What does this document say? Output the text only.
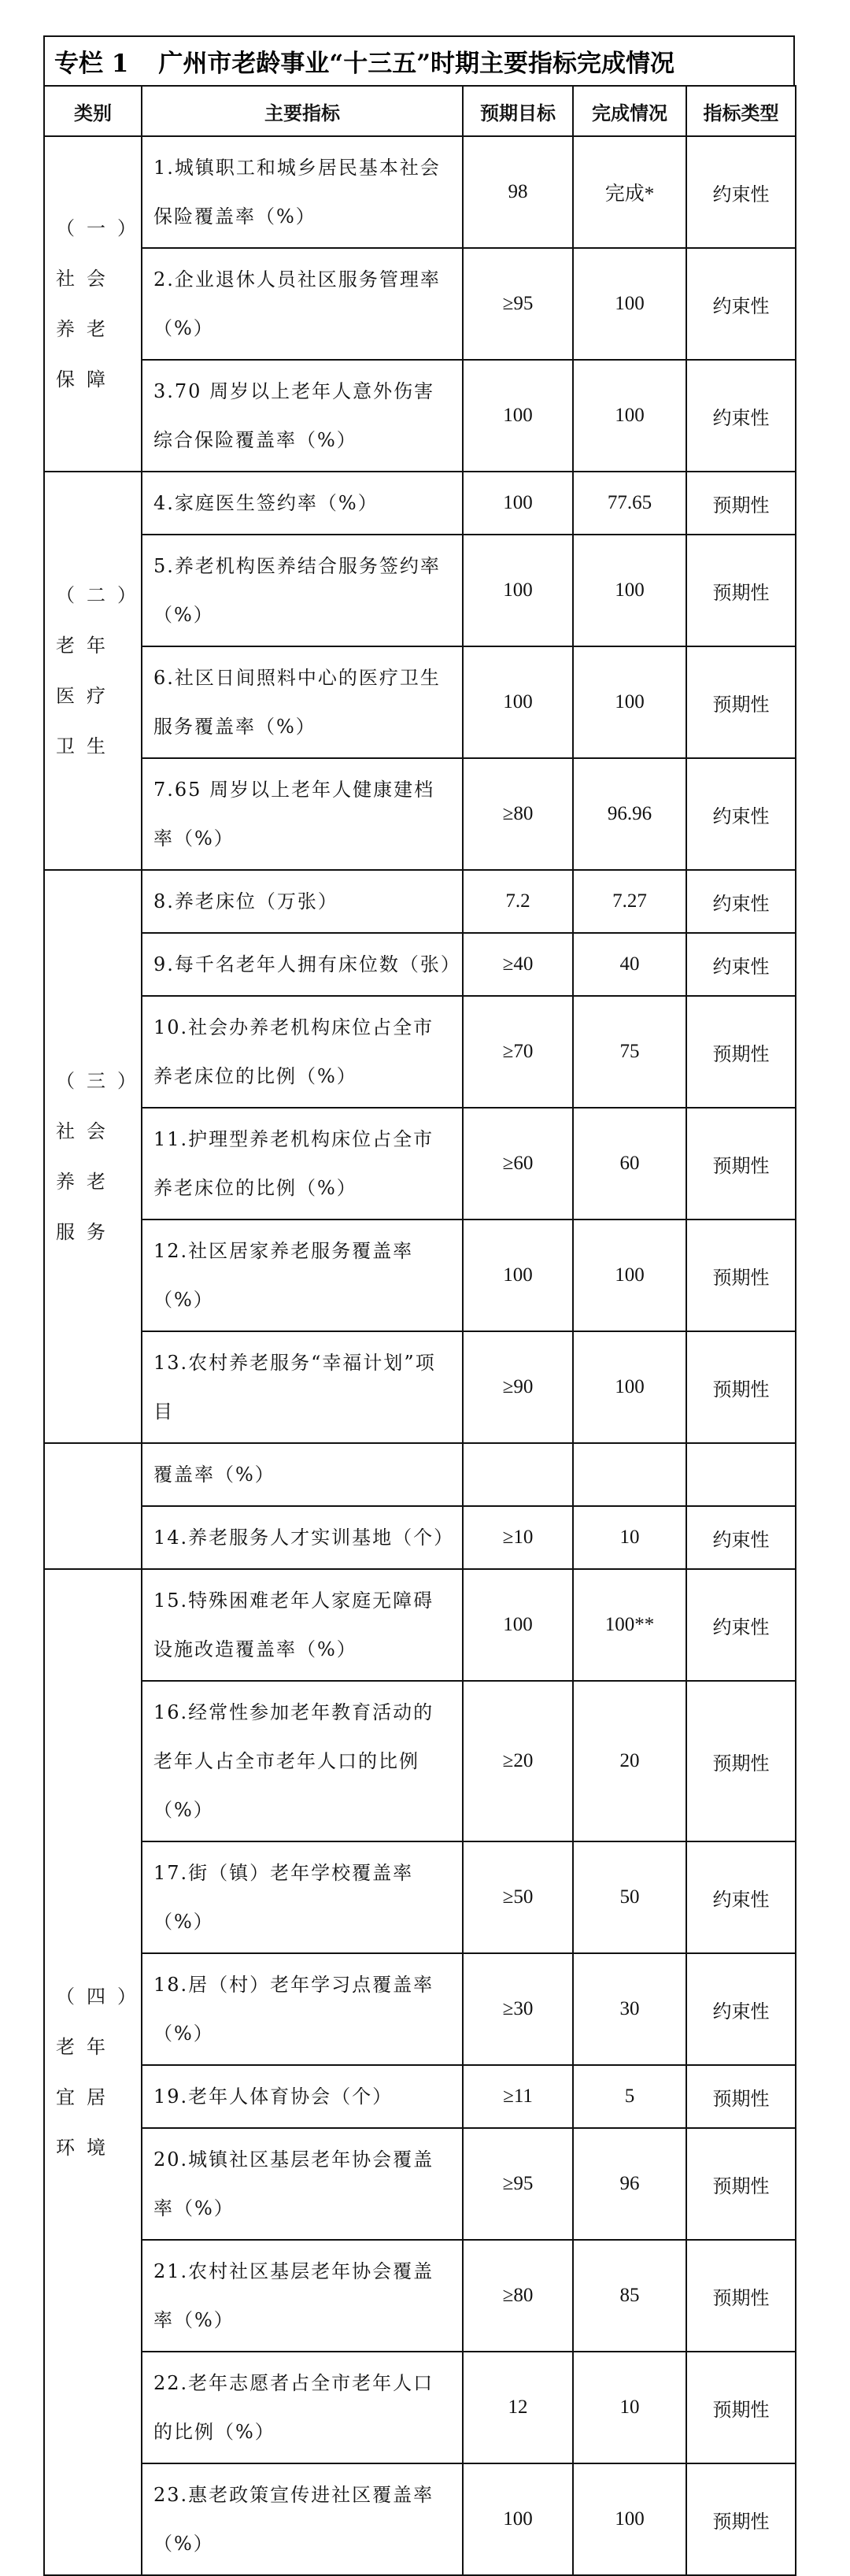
专栏 1 广州市老龄事业“十三五”时期主要指标完成情况
类别	主要指标	预期目标	完成情况	指标类型
（一）社会养老保障	1.城镇职工和城乡居民基本社会保险覆盖率（%）	98	完成*	约束性
	2.企业退休人员社区服务管理率（%）	≥95	100	约束性
	3.70 周岁以上老年人意外伤害综合保险覆盖率（%）	100	100	约束性
（二）老年医疗卫生	4.家庭医生签约率（%）	100	77.65	预期性
	5.养老机构医养结合服务签约率（%）	100	100	预期性
	6.社区日间照料中心的医疗卫生服务覆盖率（%）	100	100	预期性
	7.65 周岁以上老年人健康建档率（%）	≥80	96.96	约束性
（三）社会养老服务	8.养老床位（万张）	7.2	7.27	约束性
	9.每千名老年人拥有床位数（张）	≥40	40	约束性
	10.社会办养老机构床位占全市养老床位的比例（%）	≥70	75	预期性
	11.护理型养老机构床位占全市养老床位的比例（%）	≥60	60	预期性
	12.社区居家养老服务覆盖率（%）	100	100	预期性
	13.农村养老服务“幸福计划”项目	≥90	100	预期性
	覆盖率（%）			
	14.养老服务人才实训基地（个）	≥10	10	约束性
（四）老年宜居环境	15.特殊困难老年人家庭无障碍设施改造覆盖率（%）	100	100**	约束性
	16.经常性参加老年教育活动的老年人占全市老年人口的比例（%）	≥20	20	预期性
	17.街（镇）老年学校覆盖率（%）	≥50	50	约束性
	18.居（村）老年学习点覆盖率（%）	≥30	30	约束性
	19.老年人体育协会（个）	≥11	5	预期性
	20.城镇社区基层老年协会覆盖率（%）	≥95	96	预期性
	21.农村社区基层老年协会覆盖率（%）	≥80	85	预期性
	22.老年志愿者占全市老年人口的比例（%）	12	10	预期性
	23.惠老政策宣传进社区覆盖率（%）	100	100	预期性
